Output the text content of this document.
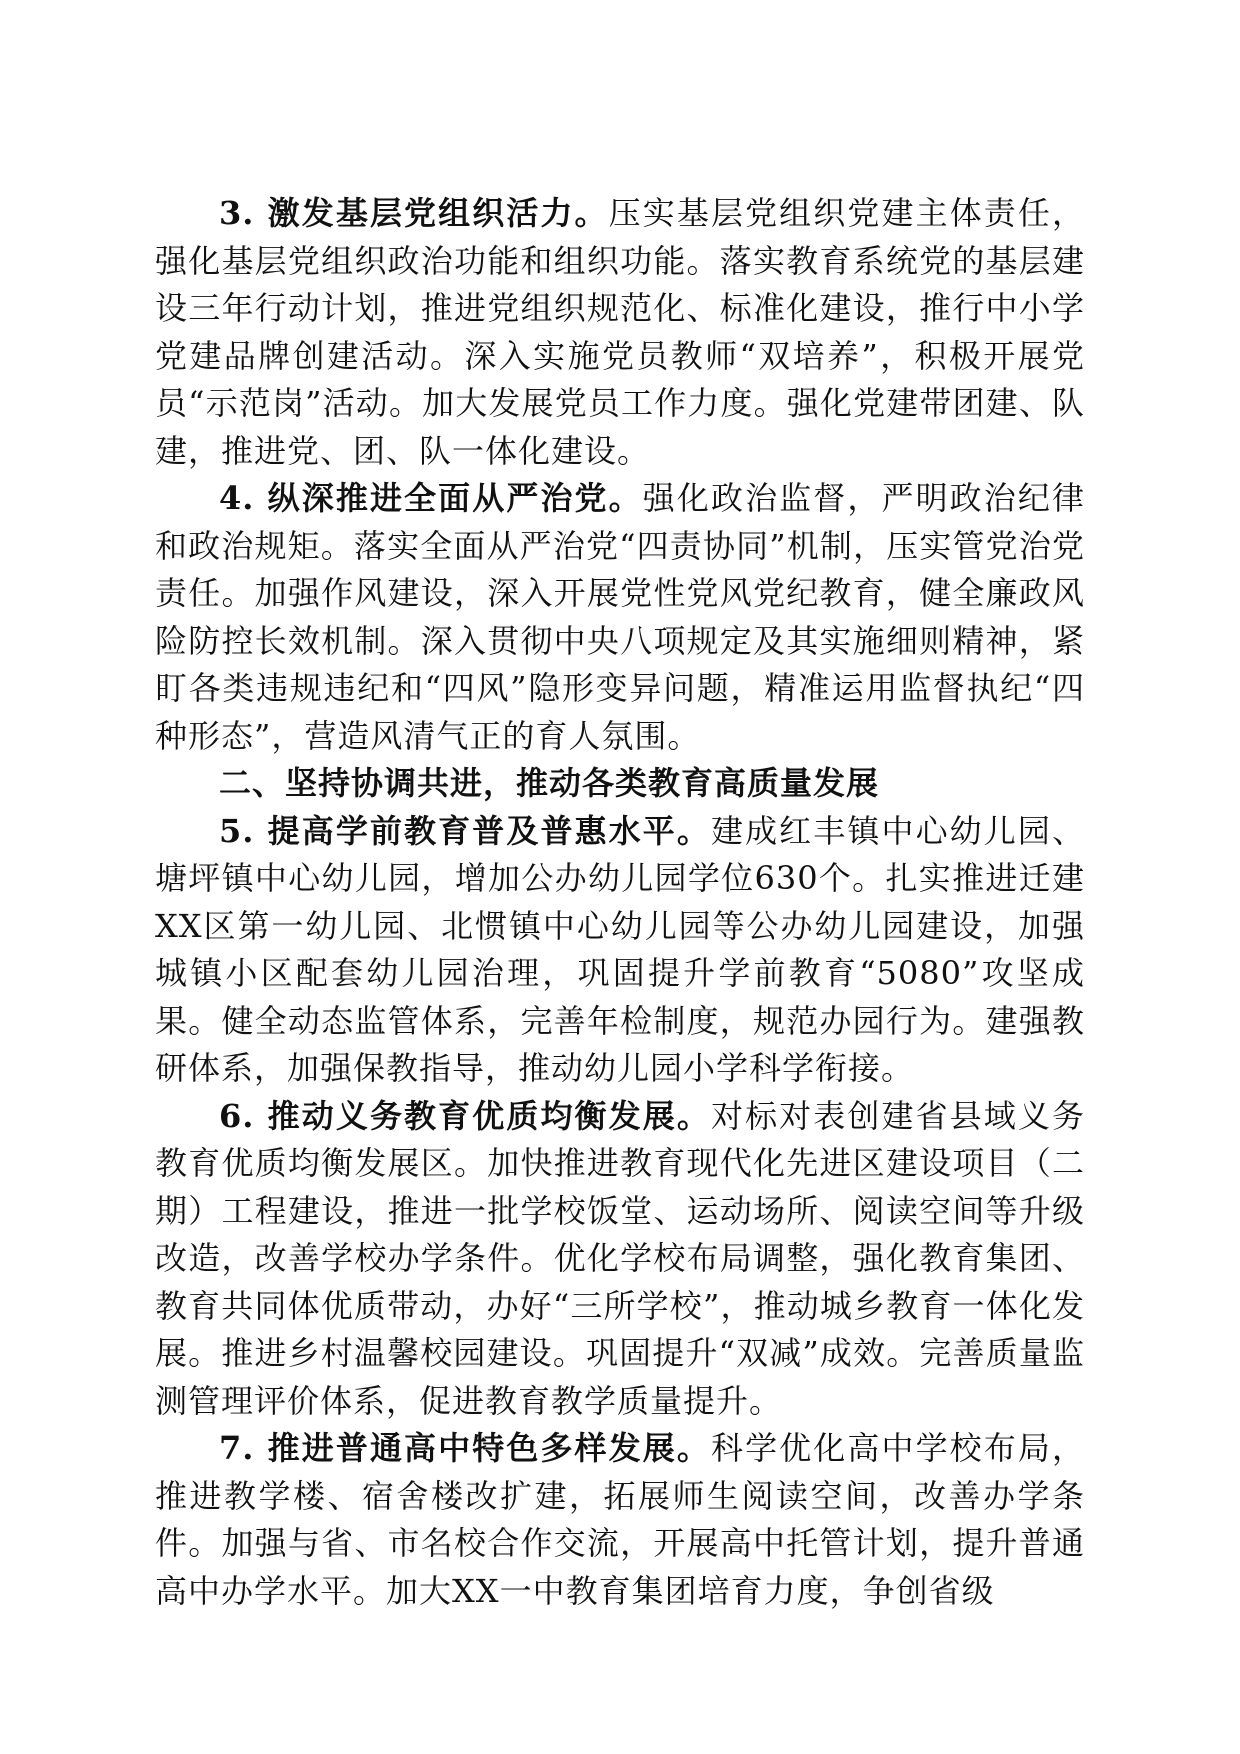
3. 激发基层党组织活力。压实基层党组织党建主体责任，强化基层党组织政治功能和组织功能。落实教育系统党的基层建设三年行动计划，推进党组织规范化、标准化建设，推行中小学党建品牌创建活动。深入实施党员教师“双培养”，积极开展党员“示范岗”活动。加大发展党员工作力度。强化党建带团建、队建，推进党、团、队一体化建设。

4. 纵深推进全面从严治党。强化政治监督，严明政治纪律和政治规矩。落实全面从严治党“四责协同”机制，压实管党治党责任。加强作风建设，深入开展党性党风党纪教育，健全廉政风险防控长效机制。深入贯彻中央八项规定及其实施细则精神，紧盯各类违规违纪和“四风”隐形变异问题，精准运用监督执纪“四种形态”，营造风清气正的育人氛围。

二、坚持协调共进，推动各类教育高质量发展

5. 提高学前教育普及普惠水平。建成红丰镇中心幼儿园、塘坪镇中心幼儿园，增加公办幼儿园学位630个。扎实推进迁建XX区第一幼儿园、北惯镇中心幼儿园等公办幼儿园建设，加强城镇小区配套幼儿园治理，巩固提升学前教育“5080”攻坚成果。健全动态监管体系，完善年检制度，规范办园行为。建强教研体系，加强保教指导，推动幼儿园小学科学衔接。

6. 推动义务教育优质均衡发展。对标对表创建省县域义务教育优质均衡发展区。加快推进教育现代化先进区建设项目（二期）工程建设，推进一批学校饭堂、运动场所、阅读空间等升级改造，改善学校办学条件。优化学校布局调整，强化教育集团、教育共同体优质带动，办好“三所学校”，推动城乡教育一体化发展。推进乡村温馨校园建设。巩固提升“双减”成效。完善质量监测管理评价体系，促进教育教学质量提升。

7. 推进普通高中特色多样发展。科学优化高中学校布局，推进教学楼、宿舍楼改扩建，拓展师生阅读空间，改善办学条件。加强与省、市名校合作交流，开展高中托管计划，提升普通高中办学水平。加大XX一中教育集团培育力度，争创省级
